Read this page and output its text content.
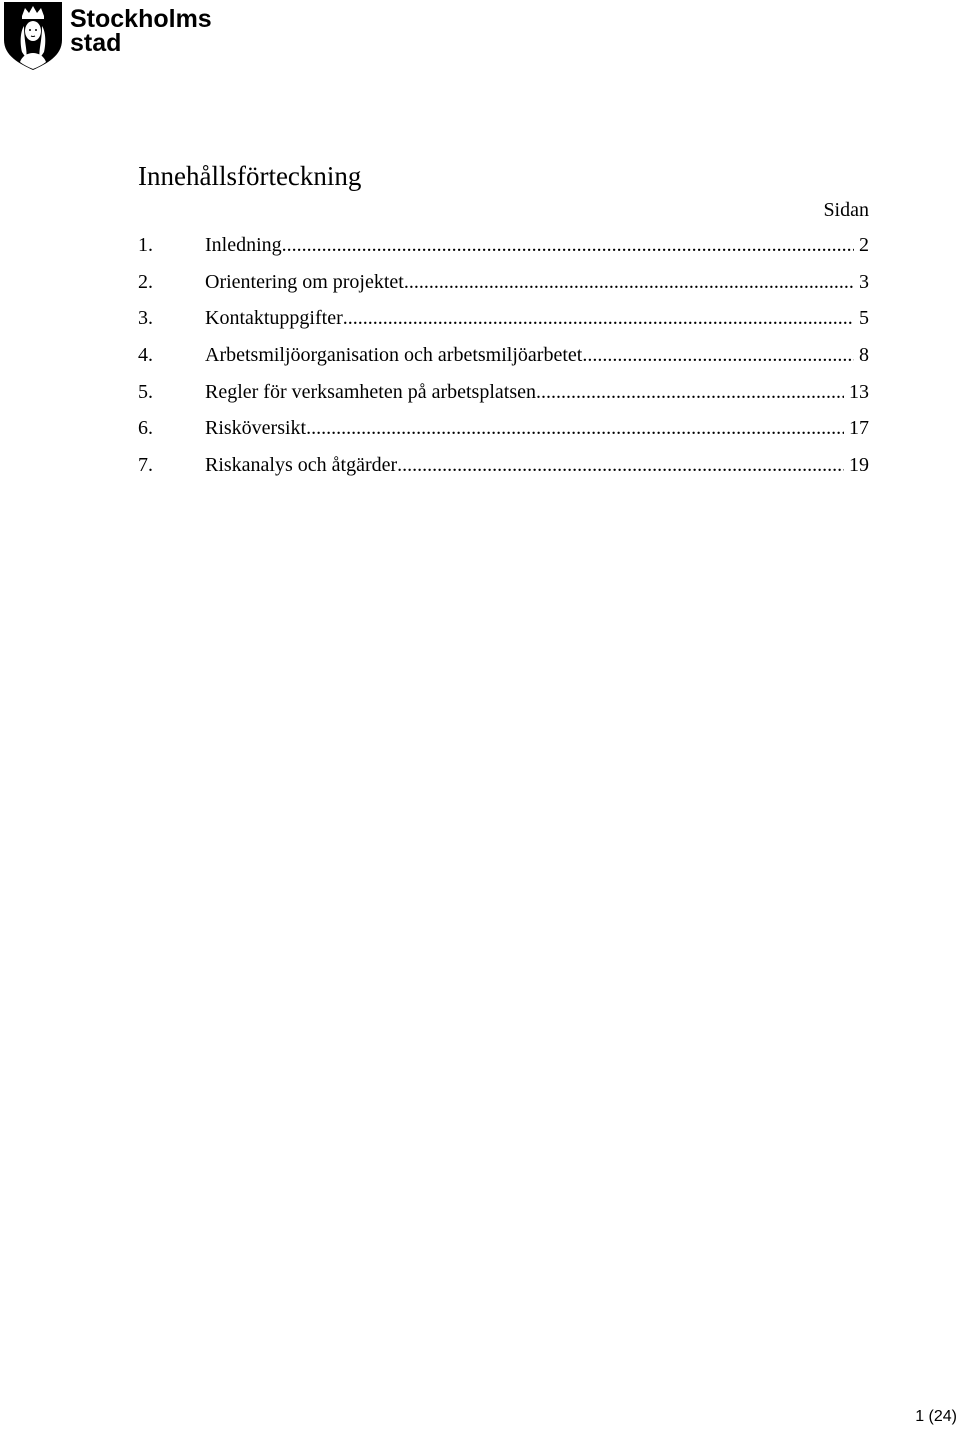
Stockholms
stad
Innehållsförteckning
Sidan
1.	Inledning .....	2
2.	Orientering om projektet .....	3
3.	Kontaktuppgifter .....	5
4.	Arbetsmiljöorganisation och arbetsmiljöarbetet .....	8
5.	Regler för verksamheten på arbetsplatsen .....	13
6.	Risköversikt .....	17
7.	Riskanalys och åtgärder .....	19
1 (24)
